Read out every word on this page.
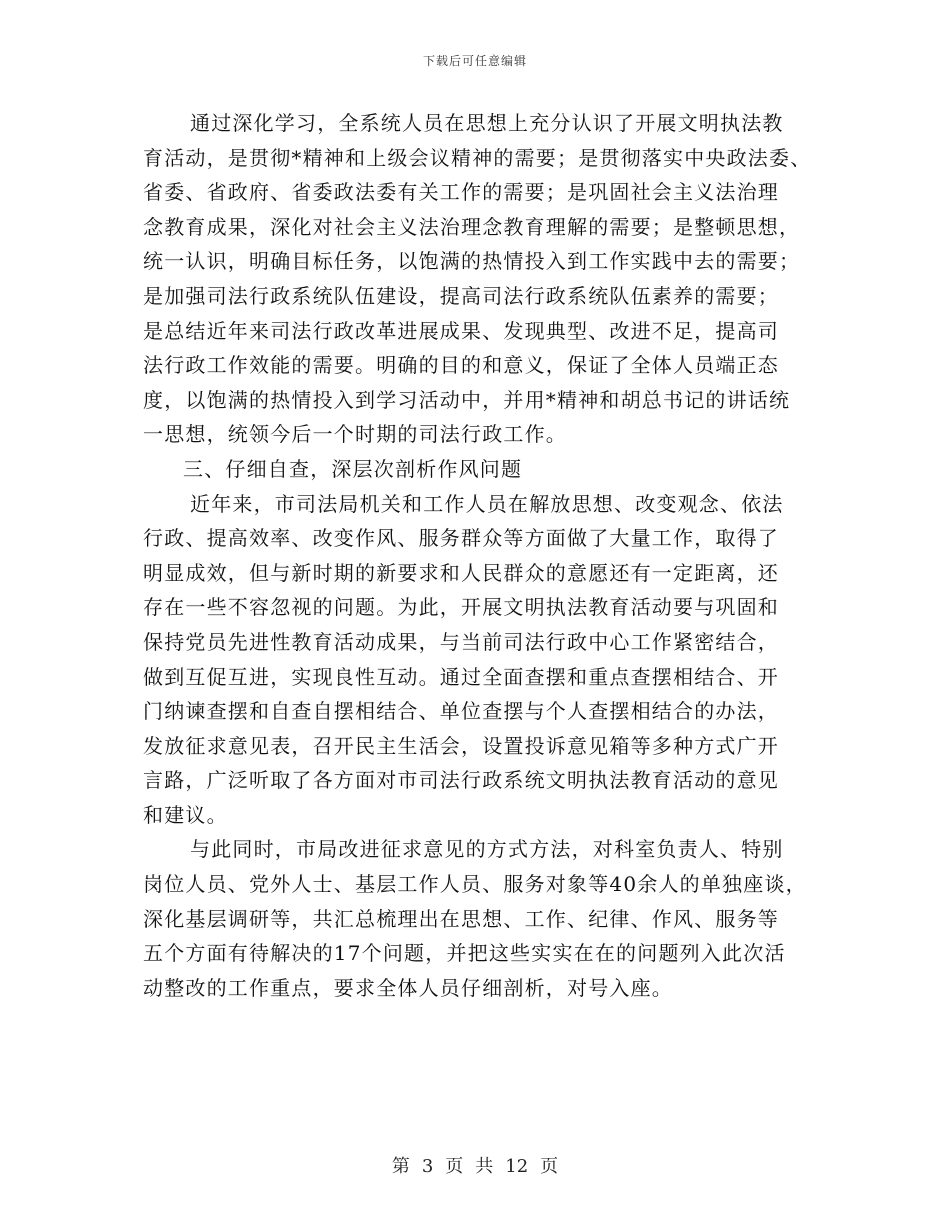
下载后可任意编辑
通过深化学习，全系统人员在思想上充分认识了开展文明执法教
育活动，是贯彻*精神和上级会议精神的需要；是贯彻落实中央政法委、
省委、省政府、省委政法委有关工作的需要；是巩固社会主义法治理
念教育成果，深化对社会主义法治理念教育理解的需要；是整顿思想，
统一认识，明确目标任务，以饱满的热情投入到工作实践中去的需要；
是加强司法行政系统队伍建设，提高司法行政系统队伍素养的需要；
是总结近年来司法行政改革进展成果、发现典型、改进不足，提高司
法行政工作效能的需要。明确的目的和意义，保证了全体人员端正态
度，以饱满的热情投入到学习活动中，并用*精神和胡总书记的讲话统
一思想，统领今后一个时期的司法行政工作。
三、仔细自查，深层次剖析作风问题
近年来，市司法局机关和工作人员在解放思想、改变观念、依法
行政、提高效率、改变作风、服务群众等方面做了大量工作，取得了
明显成效，但与新时期的新要求和人民群众的意愿还有一定距离，还
存在一些不容忽视的问题。为此，开展文明执法教育活动要与巩固和
保持党员先进性教育活动成果，与当前司法行政中心工作紧密结合，
做到互促互进，实现良性互动。通过全面查摆和重点查摆相结合、开
门纳谏查摆和自查自摆相结合、单位查摆与个人查摆相结合的办法，
发放征求意见表，召开民主生活会，设置投诉意见箱等多种方式广开
言路，广泛听取了各方面对市司法行政系统文明执法教育活动的意见
和建议。
与此同时，市局改进征求意见的方式方法，对科室负责人、特别
岗位人员、党外人士、基层工作人员、服务对象等40余人的单独座谈，
深化基层调研等，共汇总梳理出在思想、工作、纪律、作风、服务等
五个方面有待解决的17个问题，并把这些实实在在的问题列入此次活
动整改的工作重点，要求全体人员仔细剖析，对号入座。
第 3 页 共 12 页
